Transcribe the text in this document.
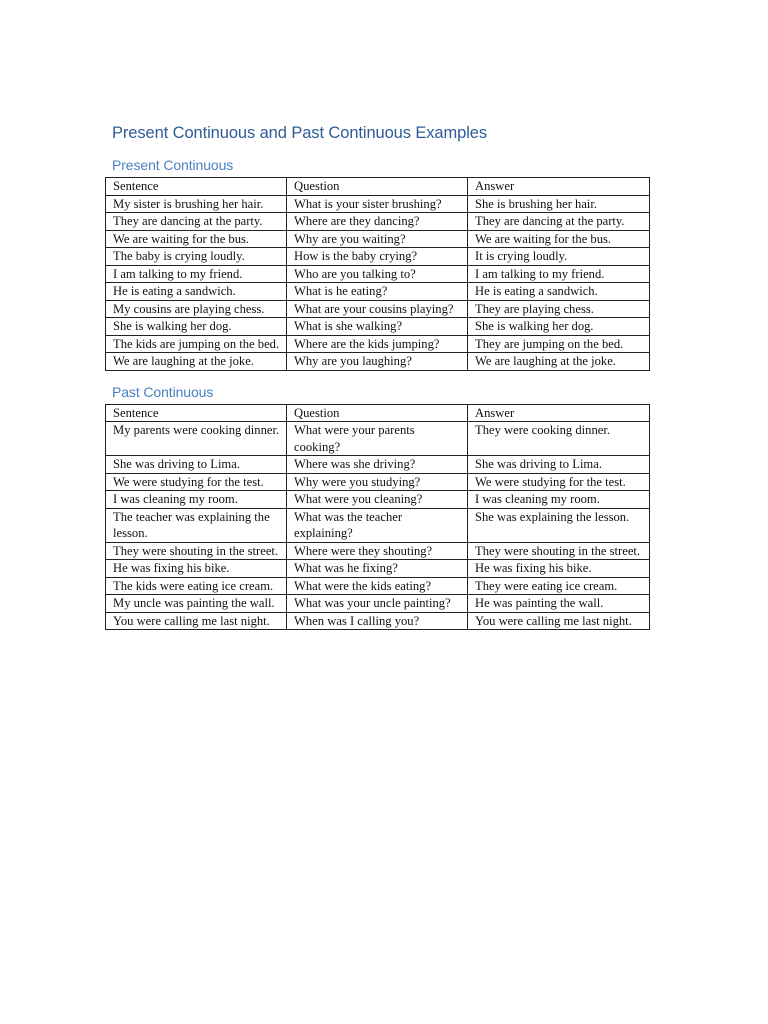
Present Continuous and Past Continuous Examples
Present Continuous
Sentence	Question	Answer
My sister is brushing her hair.	What is your sister brushing?	She is brushing her hair.
They are dancing at the party.	Where are they dancing?	They are dancing at the party.
We are waiting for the bus.	Why are you waiting?	We are waiting for the bus.
The baby is crying loudly.	How is the baby crying?	It is crying loudly.
I am talking to my friend.	Who are you talking to?	I am talking to my friend.
He is eating a sandwich.	What is he eating?	He is eating a sandwich.
My cousins are playing chess.	What are your cousins playing?	They are playing chess.
She is walking her dog.	What is she walking?	She is walking her dog.
The kids are jumping on the bed.	Where are the kids jumping?	They are jumping on the bed.
We are laughing at the joke.	Why are you laughing?	We are laughing at the joke.
Past Continuous
Sentence	Question	Answer
My parents were cooking dinner.	What were your parents cooking?	They were cooking dinner.
She was driving to Lima.	Where was she driving?	She was driving to Lima.
We were studying for the test.	Why were you studying?	We were studying for the test.
I was cleaning my room.	What were you cleaning?	I was cleaning my room.
The teacher was explaining the lesson.	What was the teacher explaining?	She was explaining the lesson.
They were shouting in the street.	Where were they shouting?	They were shouting in the street.
He was fixing his bike.	What was he fixing?	He was fixing his bike.
The kids were eating ice cream.	What were the kids eating?	They were eating ice cream.
My uncle was painting the wall.	What was your uncle painting?	He was painting the wall.
You were calling me last night.	When was I calling you?	You were calling me last night.
